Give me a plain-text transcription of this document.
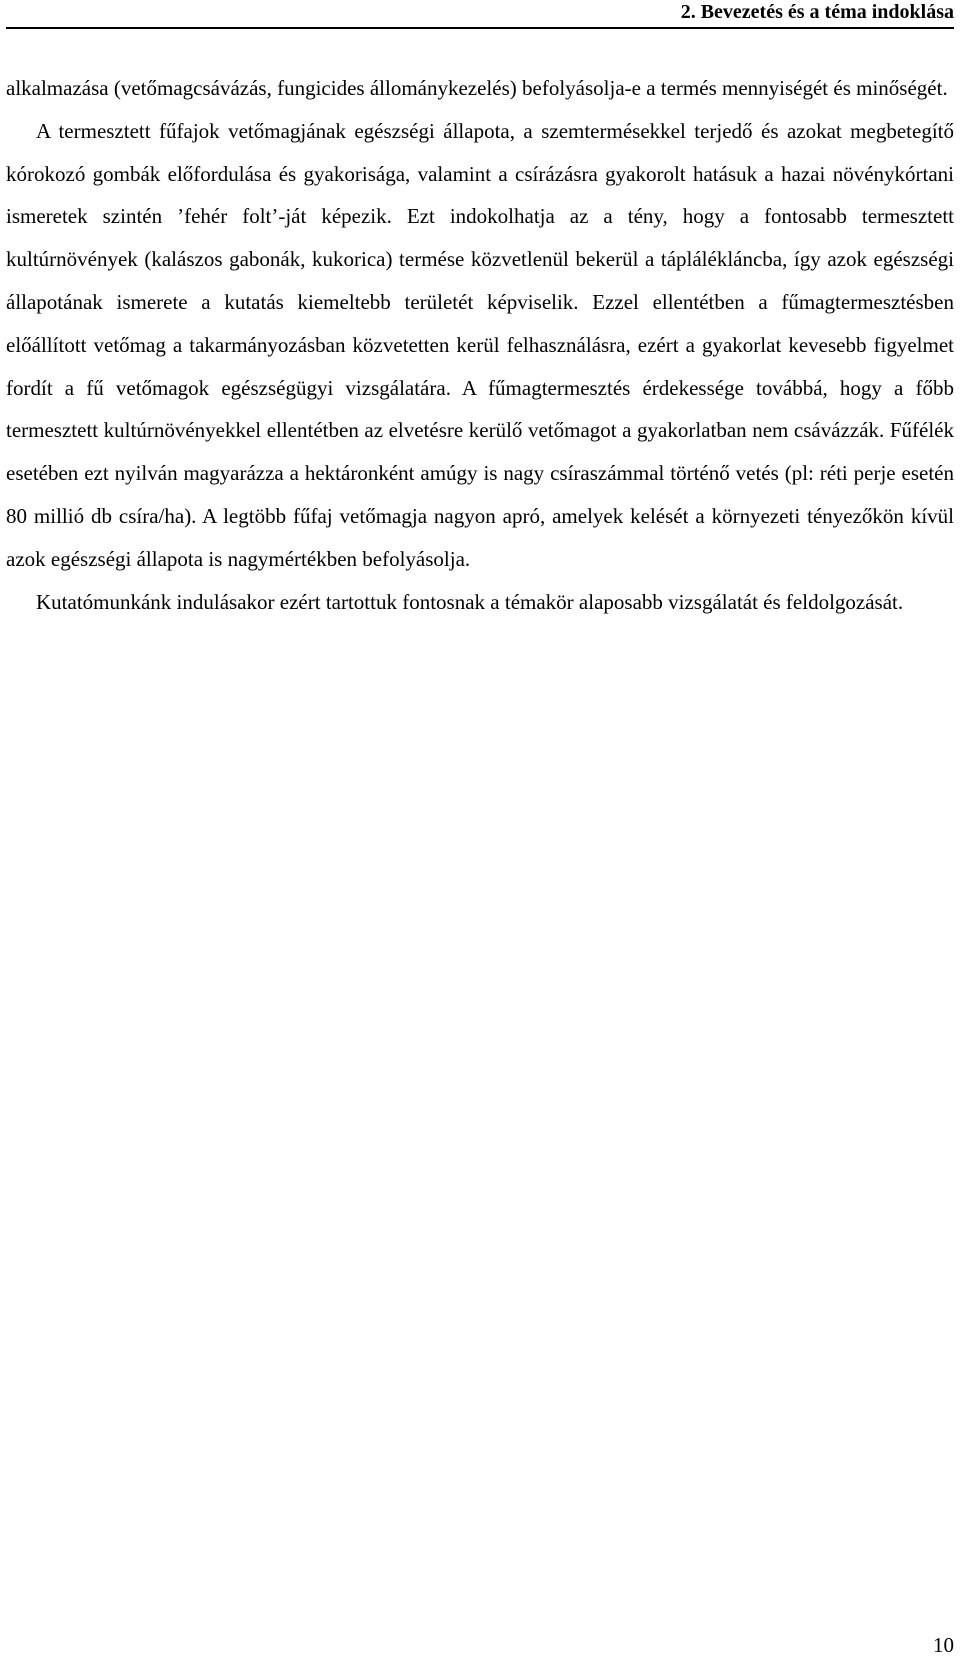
2. Bevezetés és a téma indoklása

alkalmazása (vetőmagcsávázás, fungicides állománykezelés) befolyásolja-e a termés mennyiségét és minőségét.

A termesztett fűfajok vetőmagjának egészségi állapota, a szemtermésekkel terjedő és azokat megbetegítő kórokozó gombák előfordulása és gyakorisága, valamint a csírázásra gyakorolt hatásuk a hazai növénykórtani ismeretek szintén ’fehér folt’-ját képezik. Ezt indokolhatja az a tény, hogy a fontosabb termesztett kultúrnövények (kalászos gabonák, kukorica) termése közvetlenül bekerül a táplálékláncba, így azok egészségi állapotának ismerete a kutatás kiemeltebb területét képviselik. Ezzel ellentétben a fűmagtermesztésben előállított vetőmag a takarmányozásban közvetetten kerül felhasználásra, ezért a gyakorlat kevesebb figyelmet fordít a fű vetőmagok egészségügyi vizsgálatára. A fűmagtermesztés érdekessége továbbá, hogy a főbb termesztett kultúrnövényekkel ellentétben az elvetésre kerülő vetőmagot a gyakorlatban nem csávázzák. Fűfélék esetében ezt nyilván magyarázza a hektáronként amúgy is nagy csíraszámmal történő vetés (pl: réti perje esetén 80 millió db csíra/ha). A legtöbb fűfaj vetőmagja nagyon apró, amelyek kelését a környezeti tényezőkön kívül azok egészségi állapota is nagymértékben befolyásolja.

Kutatómunkánk indulásakor ezért tartottuk fontosnak a témakör alaposabb vizsgálatát és feldolgozását.

10
